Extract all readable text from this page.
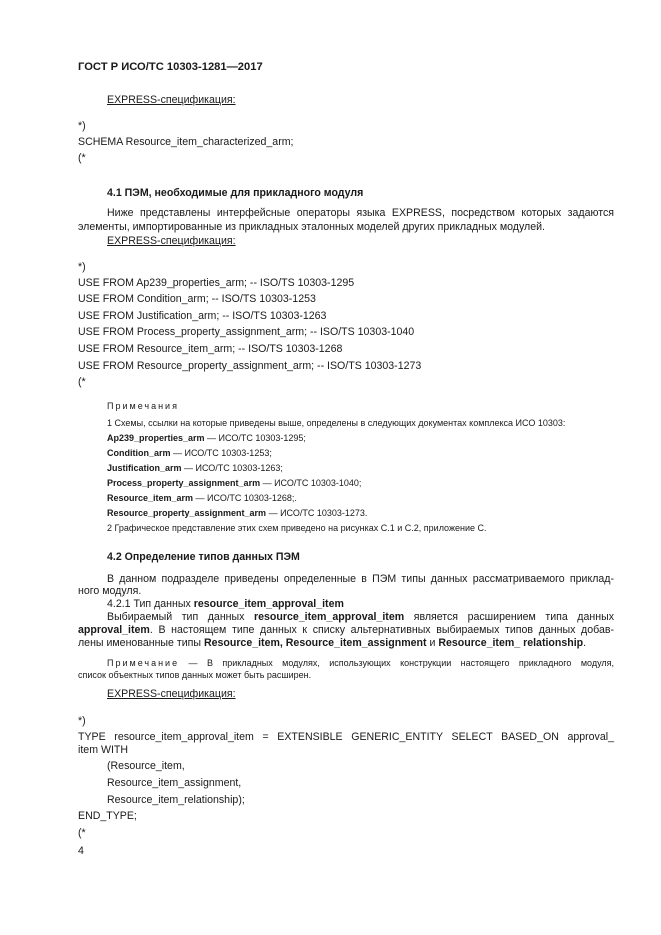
ГОСТ Р ИСО/ТС 10303-1281—2017
EXPRESS-спецификация:
*)
SCHEMA Resource_item_characterized_arm;
(*
4.1 ПЭМ, необходимые для прикладного модуля
Ниже представлены интерфейсные операторы языка EXPRESS, посредством которых задаются
элементы, импортированные из прикладных эталонных моделей других прикладных модулей.
EXPRESS-спецификация:
*)
USE FROM Ap239_properties_arm; -- ISO/TS 10303-1295
USE FROM Condition_arm; -- ISO/TS 10303-1253
USE FROM Justification_arm; -- ISO/TS 10303-1263
USE FROM Process_property_assignment_arm; -- ISO/TS 10303-1040
USE FROM Resource_item_arm; -- ISO/TS 10303-1268
USE FROM Resource_property_assignment_arm; -- ISO/TS 10303-1273
(*
Примечания
1 Схемы, ссылки на которые приведены выше, определены в следующих документах комплекса ИСО 10303:
Ap239_properties_arm — ИСО/ТС 10303-1295;
Condition_arm — ИСО/ТС 10303-1253;
Justification_arm — ИСО/ТС 10303-1263;
Process_property_assignment_arm — ИСО/ТС 10303-1040;
Resource_item_arm — ИСО/ТС 10303-1268;.
Resource_property_assignment_arm — ИСО/ТС 10303-1273.
2 Графическое представление этих схем приведено на рисунках С.1 и С.2, приложение С.
4.2 Определение типов данных ПЭМ
В данном подразделе приведены определенные в ПЭМ типы данных рассматриваемого приклад-
ного модуля.
4.2.1 Тип данных resource_item_approval_item
Выбираемый тип данных resource_item_approval_item является расширением типа данных
approval_item. В настоящем типе данных к списку альтернативных выбираемых типов данных добав-
лены именованные типы Resource_item, Resource_item_assignment и Resource_item_ relationship.
Примечание — В прикладных модулях, использующих конструкции настоящего прикладного модуля,
список объектных типов данных может быть расширен.
EXPRESS-спецификация:
*)
TYPE resource_item_approval_item = EXTENSIBLE GENERIC_ENTITY SELECT BASED_ON approval_
item WITH
(Resource_item,
Resource_item_assignment,
Resource_item_relationship);
END_TYPE;
(*
4
